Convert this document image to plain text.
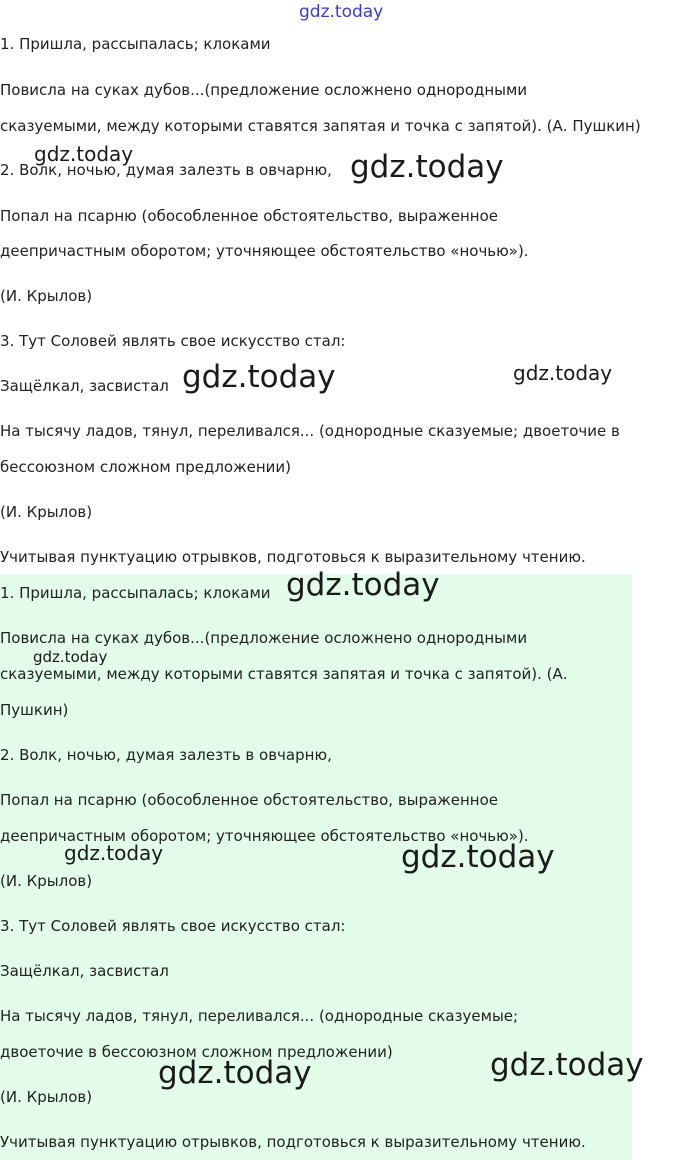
gdz.today

1. Пришла, рассыпалась; клоками

Повисла на суках дубов...(предложение осложнено однородными

сказуемыми, между которыми ставятся запятая и точка с запятой). (А. Пушкин)

2. Волк, ночью, думая залезть в овчарню,

Попал на псарню (обособленное обстоятельство, выраженное

деепричастным оборотом; уточняющее обстоятельство «ночью»).

(И. Крылов)

3. Тут Соловей являть свое искусство стал:

Защёлкал, засвистал

На тысячу ладов, тянул, переливался... (однородные сказуемые; двоеточие в

бессоюзном сложном предложении)

(И. Крылов)

Учитывая пунктуацию отрывков, подготовься к выразительному чтению.

1. Пришла, рассыпалась; клоками

Повисла на суках дубов...(предложение осложнено однородными

сказуемыми, между которыми ставятся запятая и точка с запятой). (А.

Пушкин)

2. Волк, ночью, думая залезть в овчарню,

Попал на псарню (обособленное обстоятельство, выраженное

деепричастным оборотом; уточняющее обстоятельство «ночью»).

(И. Крылов)

3. Тут Соловей являть свое искусство стал:

Защёлкал, засвистал

На тысячу ладов, тянул, переливался... (однородные сказуемые;

двоеточие в бессоюзном сложном предложении)

(И. Крылов)

Учитывая пунктуацию отрывков, подготовься к выразительному чтению.

gdz.today	gdz.today
gdz.today	gdz.today
gdz.today
gdz.today
gdz.today	gdz.today
gdz.today	gdz.today
